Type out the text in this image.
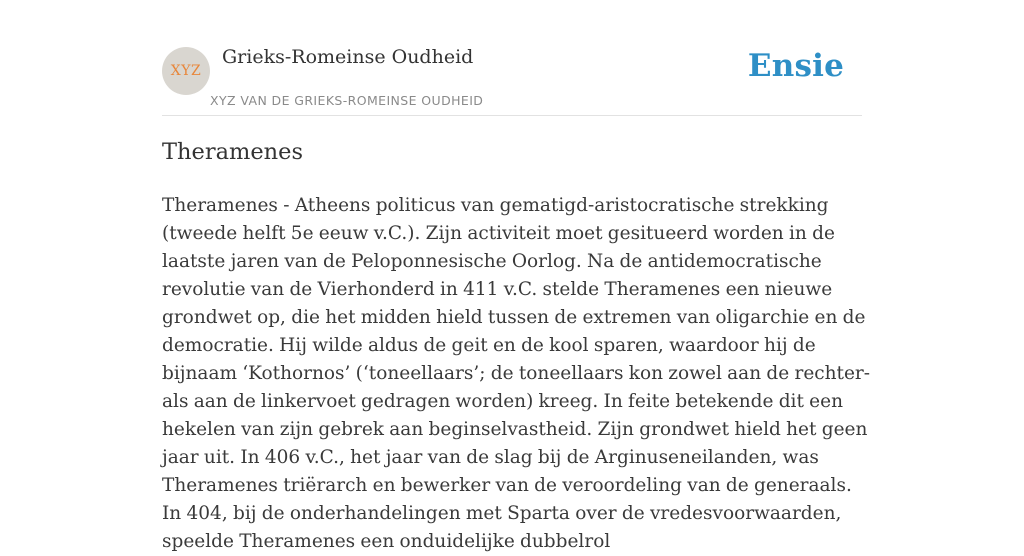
XYZ
Grieks-Romeinse Oudheid
XYZ VAN DE GRIEKS-ROMEINSE OUDHEID
Ensie
Theramenes

Theramenes - Atheens politicus van gematigd-aristocratische strekking (tweede helft 5e eeuw v.C.). Zijn activiteit moet gesitueerd worden in de laatste jaren van de Peloponnesische Oorlog. Na de antidemocratische revolutie van de Vierhonderd in 411 v.C. stelde Theramenes een nieuwe grondwet op, die het midden hield tussen de extremen van oligarchie en de democratie. Hij wilde aldus de geit en de kool sparen, waardoor hij de bijnaam ‘Kothornos’ (‘toneellaars’; de toneellaars kon zowel aan de rechter- als aan de linkervoet gedragen worden) kreeg. In feite betekende dit een hekelen van zijn gebrek aan beginselvastheid. Zijn grondwet hield het geen jaar uit. In 406 v.C., het jaar van de slag bij de Arginuseneilanden, was Theramenes triërarch en bewerker van de veroordeling van de generaals. In 404, bij de onderhandelingen met Sparta over de vredesvoorwaarden, speelde Theramenes een onduidelijke dubbelrol
